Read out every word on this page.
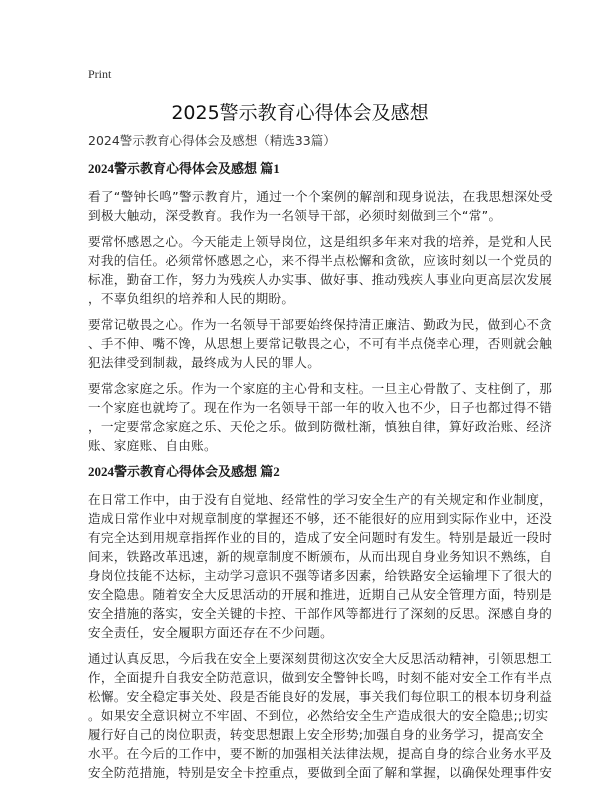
Print
2025警示教育心得体会及感想
2024警示教育心得体会及感想（精选33篇）
2024警示教育心得体会及感想 篇1
看了“警钟长鸣”警示教育片，通过一个个案例的解剖和现身说法，在我思想深处受
到极大触动，深受教育。我作为一名领导干部，必须时刻做到三个“常”。
要常怀感恩之心。今天能走上领导岗位，这是组织多年来对我的培养，是党和人民
对我的信任。必须常怀感恩之心，来不得半点松懈和贪欲，应该时刻以一个党员的
标准，勤奋工作，努力为残疾人办实事、做好事、推动残疾人事业向更高层次发展
，不辜负组织的培养和人民的期盼。
要常记敬畏之心。作为一名领导干部要始终保持清正廉洁、勤政为民，做到心不贪
、手不伸、嘴不馋，从思想上要常记敬畏之心，不可有半点侥幸心理，否则就会触
犯法律受到制裁，最终成为人民的罪人。
要常念家庭之乐。作为一个家庭的主心骨和支柱。一旦主心骨散了、支柱倒了，那
一个家庭也就垮了。现在作为一名领导干部一年的收入也不少，日子也都过得不错
，一定要常念家庭之乐、天伦之乐。做到防微杜渐，慎独自律，算好政治账、经济
账、家庭账、自由账。
2024警示教育心得体会及感想 篇2
在日常工作中，由于没有自觉地、经常性的学习安全生产的有关规定和作业制度，
造成日常作业中对规章制度的掌握还不够，还不能很好的应用到实际作业中，还没
有完全达到用规章指挥作业的目的，造成了安全问题时有发生。特别是最近一段时
间来，铁路改革迅速，新的规章制度不断颁布，从而出现自身业务知识不熟练，自
身岗位技能不达标，主动学习意识不强等诸多因素，给铁路安全运输埋下了很大的
安全隐患。随着安全大反思活动的开展和推进，近期自己从安全管理方面，特别是
安全措施的落实，安全关键的卡控、干部作风等都进行了深刻的反思。深感自身的
安全责任，安全履职方面还存在不少问题。
通过认真反思，今后我在安全上要深刻贯彻这次安全大反思活动精神，引领思想工
作，全面提升自我安全防范意识，做到安全警钟长鸣，时刻不能对安全工作有半点
松懈。安全稳定事关处、段是否能良好的发展，事关我们每位职工的根本切身利益
。如果安全意识树立不牢固、不到位，必然给安全生产造成很大的安全隐患;;切实
履行好自己的岗位职责，转变思想跟上安全形势;加强自身的业务学习，提高安全
水平。在今后的工作中，要不断的加强相关法律法规，提高自身的综合业务水平及
安全防范措施，特别是安全卡控重点，要做到全面了解和掌握，以确保处理事件安
